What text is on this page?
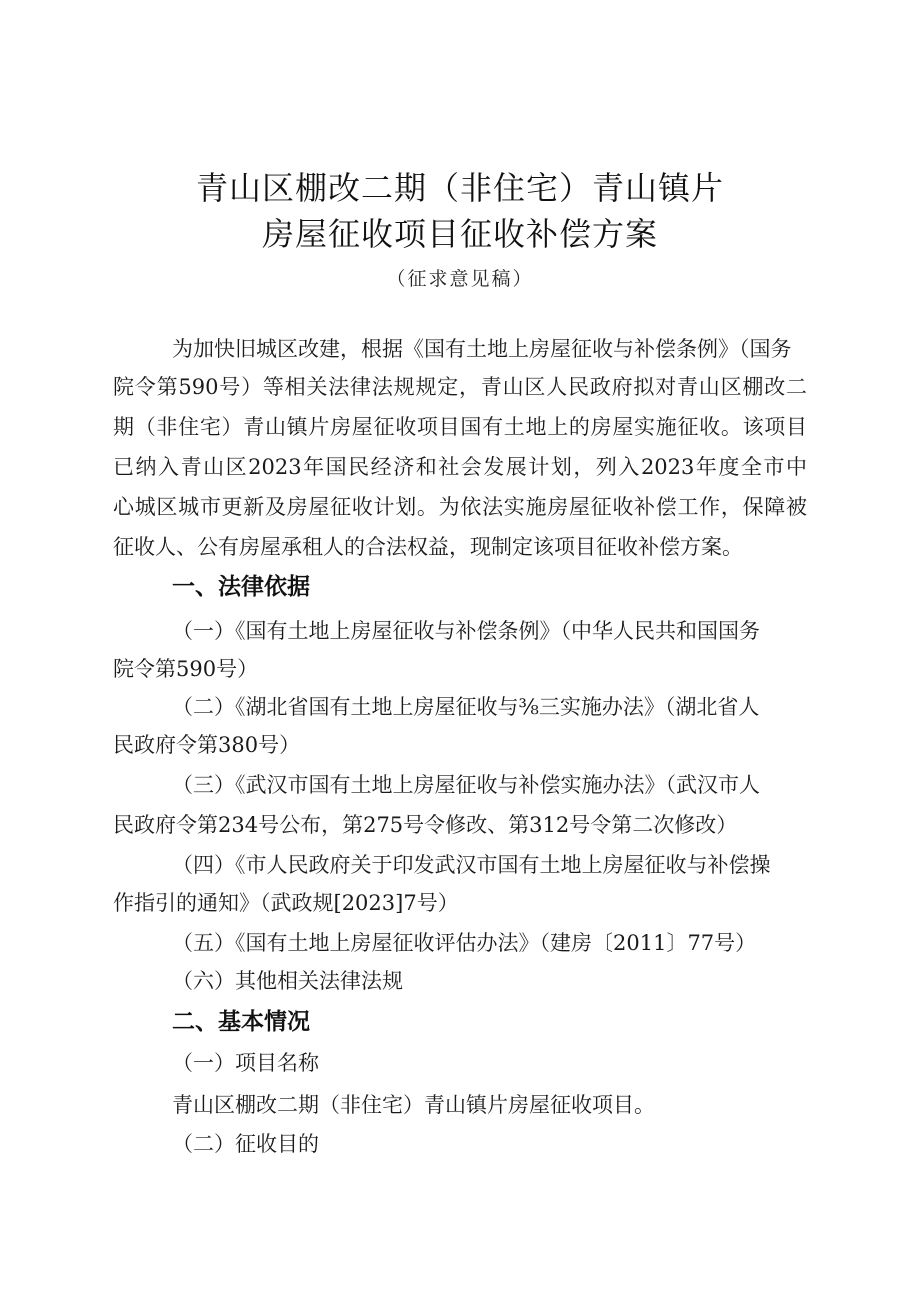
青山区棚改二期（非住宅）青山镇片
房屋征收项目征收补偿方案
（征求意见稿）
为加快旧城区改建，根据《国有土地上房屋征收与补偿条例》（国务
院令第590号）等相关法律法规规定，青山区人民政府拟对青山区棚改二
期（非住宅）青山镇片房屋征收项目国有土地上的房屋实施征收。该项目
已纳入青山区2023年国民经济和社会发展计划，列入2023年度全市中
心城区城市更新及房屋征收计划。为依法实施房屋征收补偿工作，保障被
征收人、公有房屋承租人的合法权益，现制定该项目征收补偿方案。
一、法律依据
（一）《国有土地上房屋征收与补偿条例》（中华人民共和国国务
院令第590号）
（二）《湖北省国有土地上房屋征收与⅜三实施办法》（湖北省人
民政府令第380号）
（三）《武汉市国有土地上房屋征收与补偿实施办法》（武汉市人
民政府令第234号公布，第275号令修改、第312号令第二次修改）
（四）《市人民政府关于印发武汉市国有土地上房屋征收与补偿操
作指引的通知》（武政规[2023]7号）
（五）《国有土地上房屋征收评估办法》（建房〔2011〕77号）
（六）其他相关法律法规
二、基本情况
（一）项目名称
青山区棚改二期（非住宅）青山镇片房屋征收项目。
（二）征收目的
